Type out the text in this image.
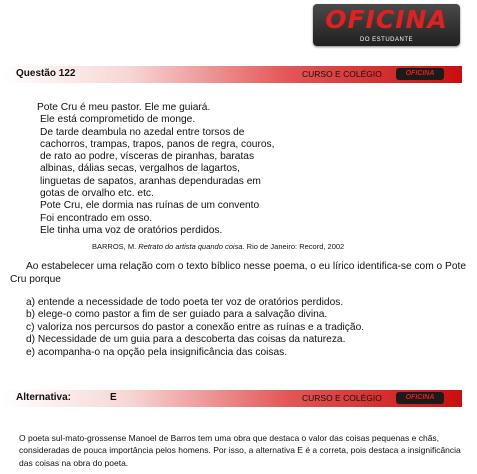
OFICINA
DO ESTUDANTE
Questão 122	CURSO E COLÉGIO	OFICINA
Pote Cru é meu pastor. Ele me guiará.
Ele está comprometido de monge.
De tarde deambula no azedal entre torsos de
cachorros, trampas, trapos, panos de regra, couros,
de rato ao podre, vísceras de piranhas, baratas
albinas, dálias secas, vergalhos de lagartos,
linguetas de sapatos, aranhas dependuradas em
gotas de orvalho etc. etc.
Pote Cru, ele dormia nas ruínas de um convento
Foi encontrado em osso.
Ele tinha uma voz de oratórios perdidos.
BARROS, M. Retrato do artista quando coisa. Rio de Janeiro: Record, 2002

Ao estabelecer uma relação com o texto bíblico nesse poema, o eu lírico identifica-se com o Pote Cru porque

a) entende a necessidade de todo poeta ter voz de oratórios perdidos.
b) elege-o como pastor a fim de ser guiado para a salvação divina.
c) valoriza nos percursos do pastor a conexão entre as ruínas e a tradição.
d) Necessidade de um guia para a descoberta das coisas da natureza.
e) acompanha-o na opção pela insignificância das coisas.
Alternativa:	E	CURSO E COLÉGIO	OFICINA

O poeta sul-mato-grossense Manoel de Barros tem uma obra que destaca o valor das coisas pequenas e chãs, consideradas de pouca importância pelos homens. Por isso, a alternativa E é a correta, pois destaca a insignificância das coisas na obra do poeta.
